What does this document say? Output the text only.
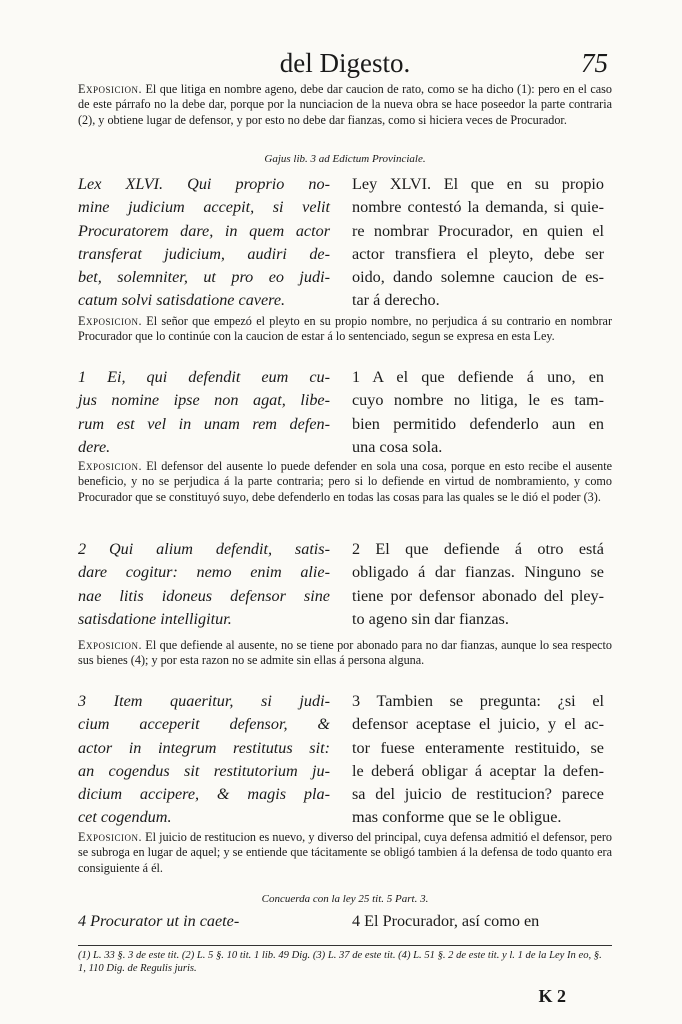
del Digesto.	75
Exposicion. El que litiga en nombre ageno, debe dar caucion de rato, como se ha dicho (1): pero en el caso de este párrafo no la debe dar, porque por la nunciacion de la nueva obra se hace poseedor la parte contraria (2), y obtiene lugar de defensor, y por esto no debe dar fianzas, como si hiciera veces de Procurador.
Gajus lib. 3 ad Edictum Provinciale.
Lex XLVI. Qui proprio no-
mine judicium accepit, si velit
Procuratorem dare, in quem actor
transferat judicium, audiri de-
bet, solemniter, ut pro eo judi-
catum solvi satisdatione cavere.
Ley XLVI. El que en su propio
nombre contestó la demanda, si quie-
re nombrar Procurador, en quien el
actor transfiera el pleyto, debe ser
oido, dando solemne caucion de es-
tar á derecho.
Exposicion. El señor que empezó el pleyto en su propio nombre, no perjudica á su contrario en nombrar Procurador que lo continúe con la caucion de estar á lo sentenciado, segun se expresa en esta Ley.
1 Ei, qui defendit eum cu-
jus nomine ipse non agat, libe-
rum est vel in unam rem defen-
dere.
1 A el que defiende á uno, en
cuyo nombre no litiga, le es tam-
bien permitido defenderlo aun en
una cosa sola.
Exposicion. El defensor del ausente lo puede defender en sola una cosa, porque en esto recibe el ausente beneficio, y no se perjudica á la parte contraria; pero si lo defiende en virtud de nombramiento, y como Procurador que se constituyó suyo, debe defenderlo en todas las cosas para las quales se le dió el poder (3).
2 Qui alium defendit, satis-
dare cogitur: nemo enim alie-
nae litis idoneus defensor sine
satisdatione intelligitur.
2 El que defiende á otro está
obligado á dar fianzas. Ninguno se
tiene por defensor abonado del pley-
to ageno sin dar fianzas.
Exposicion. El que defiende al ausente, no se tiene por abonado para no dar fianzas, aunque lo sea respecto sus bienes (4); y por esta razon no se admite sin ellas á persona alguna.
3 Item quaeritur, si judi-
cium acceperit defensor, &
actor in integrum restitutus sit:
an cogendus sit restitutorium ju-
dicium accipere, & magis pla-
cet cogendum.
3 Tambien se pregunta: ¿si el
defensor aceptase el juicio, y el ac-
tor fuese enteramente restituido, se
le deberá obligar á aceptar la defen-
sa del juicio de restitucion? parece
mas conforme que se le obligue.
Exposicion. El juicio de restitucion es nuevo, y diverso del principal, cuya defensa admitió el defensor, pero se subroga en lugar de aquel; y se entiende que tácitamente se obligó tambien á la defensa de todo quanto era consiguiente á él.
Concuerda con la ley 25 tit. 5 Part. 3.
4 Procurator ut in caete-	4 El Procurador, así como en
(1) L. 33 §. 3 de este tit. (2) L. 5 §. 10 tit. 1 lib. 49 Dig. (3) L. 37 de este tit. (4) L. 51 §. 2 de este tit. y l. 1 de la Ley In eo, §. 1, 110 Dig. de Regulis juris.
K 2
